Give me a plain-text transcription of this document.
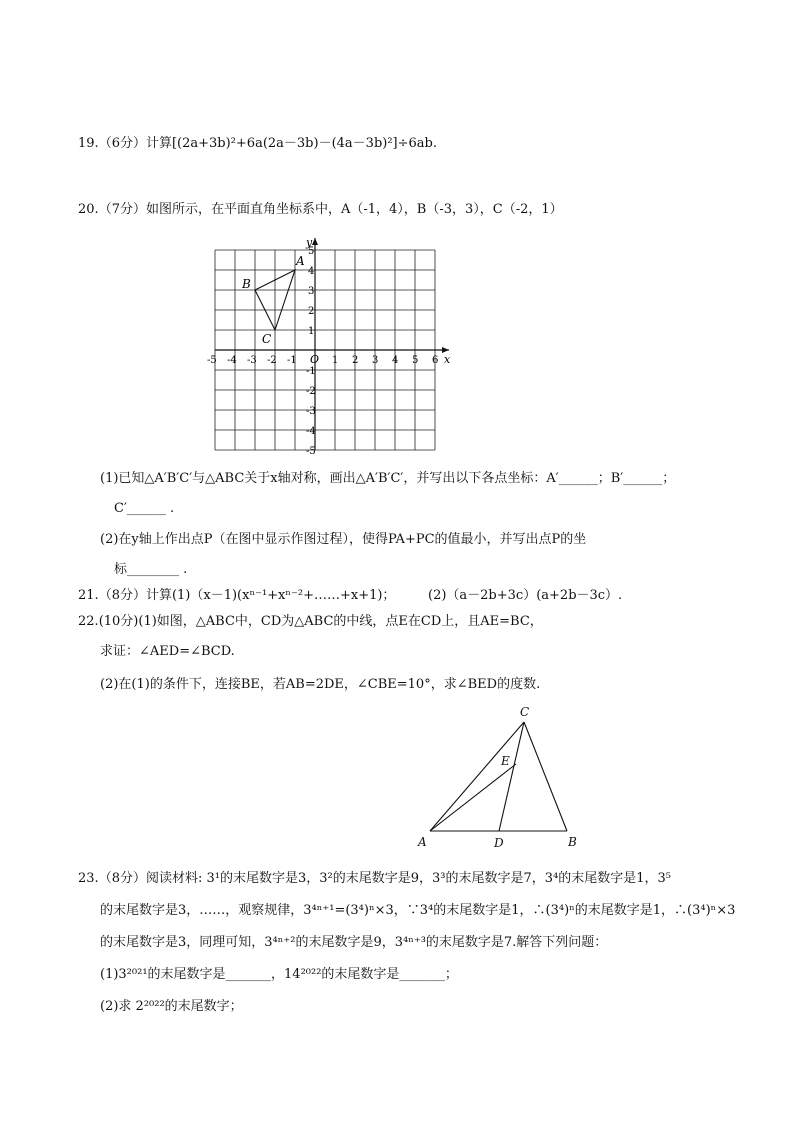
19.（6分）计算[(2a+3b)²+6a(2a－3b)－(4a－3b)²]÷6ab.
20.（7分）如图所示，在平面直角坐标系中，A（-1，4），B（-3，3），C（-2，1）
x
y
O
-5 -4 -3 -2 -1	1 2 3 4 5 6
5
4
3
2
1
-1
-2
-3
-4
-5
A
B
C
(1)已知△A′B′C′与△ABC关于x轴对称，画出△A′B′C′，并写出以下各点坐标：A′______；B′______；
C′______ .
(2)在y轴上作出点P（在图中显示作图过程），使得PA+PC的值最小，并写出点P的坐
标________ .
21.（8分）计算(1)（x－1)(xⁿ⁻¹+xⁿ⁻²+……+x+1)；	(2)（a－2b+3c）(a+2b－3c）.
22.(10分)(1)如图，△ABC中，CD为△ABC的中线，点E在CD上，且AE=BC，
求证：∠AED=∠BCD.
(2)在(1)的条件下，连接BE，若AB=2DE，∠CBE=10°，求∠BED的度数.
A	B
C
D
E
23.（8分）阅读材料: 3¹的末尾数字是3，3²的末尾数字是9，3³的末尾数字是7，3⁴的末尾数字是1，3⁵
的末尾数字是3，……，观察规律，3⁴ⁿ⁺¹=(3⁴)ⁿ×3，∵3⁴的末尾数字是1，∴(3⁴)ⁿ的末尾数字是1，∴(3⁴)ⁿ×3
的末尾数字是3，同理可知，3⁴ⁿ⁺²的末尾数字是9，3⁴ⁿ⁺³的末尾数字是7.解答下列问题：
(1)3²⁰²¹的末尾数字是_______，14²⁰²²的末尾数字是_______；
(2)求 2²⁰²²的末尾数字；
